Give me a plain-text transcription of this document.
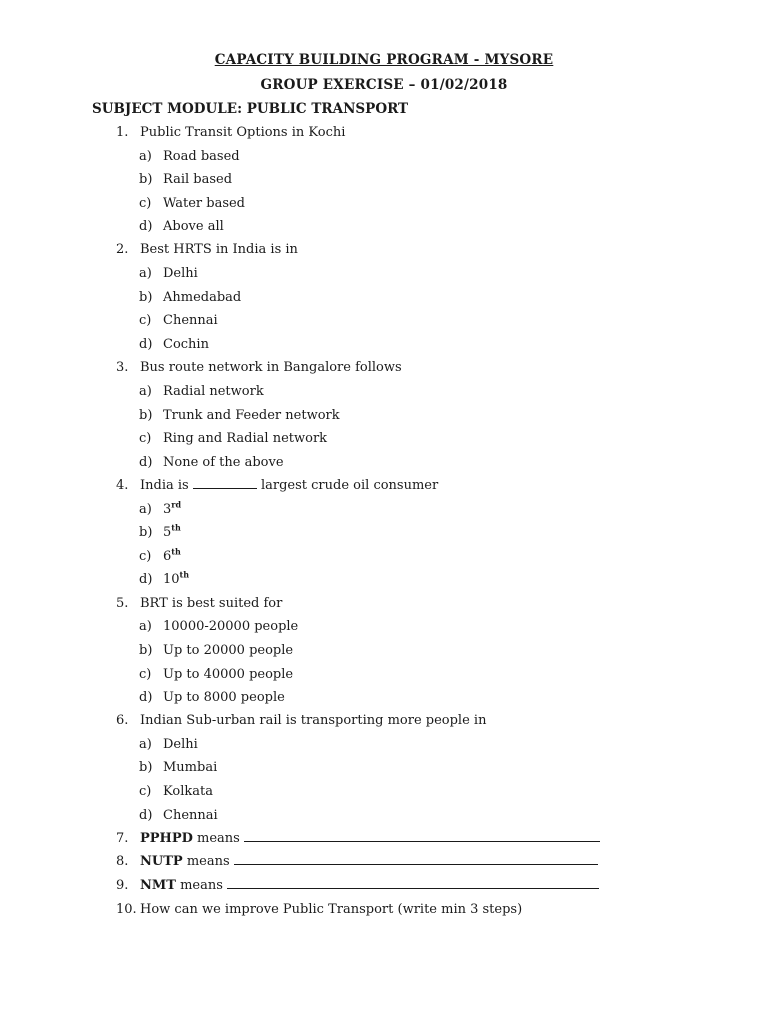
CAPACITY BUILDING PROGRAM - MYSORE
GROUP EXERCISE – 01/02/2018
SUBJECT MODULE: PUBLIC TRANSPORT
1. Public Transit Options in Kochi
a) Road based
b) Rail based
c) Water based
d) Above all
2. Best HRTS in India is in
a) Delhi
b) Ahmedabad
c) Chennai
d) Cochin
3. Bus route network in Bangalore follows
a) Radial network
b) Trunk and Feeder network
c) Ring and Radial network
d) None of the above
4. India is	largest crude oil consumer
a) 3rd
b) 5th
c) 6th
d) 10th
5. BRT is best suited for
a) 10000-20000 people
b) Up to 20000 people
c) Up to 40000 people
d) Up to 8000 people
6. Indian Sub-urban rail is transporting more people in
a) Delhi
b) Mumbai
c) Kolkata
d) Chennai
7. PPHPD means
8. NUTP means
9. NMT means
10. How can we improve Public Transport (write min 3 steps)
